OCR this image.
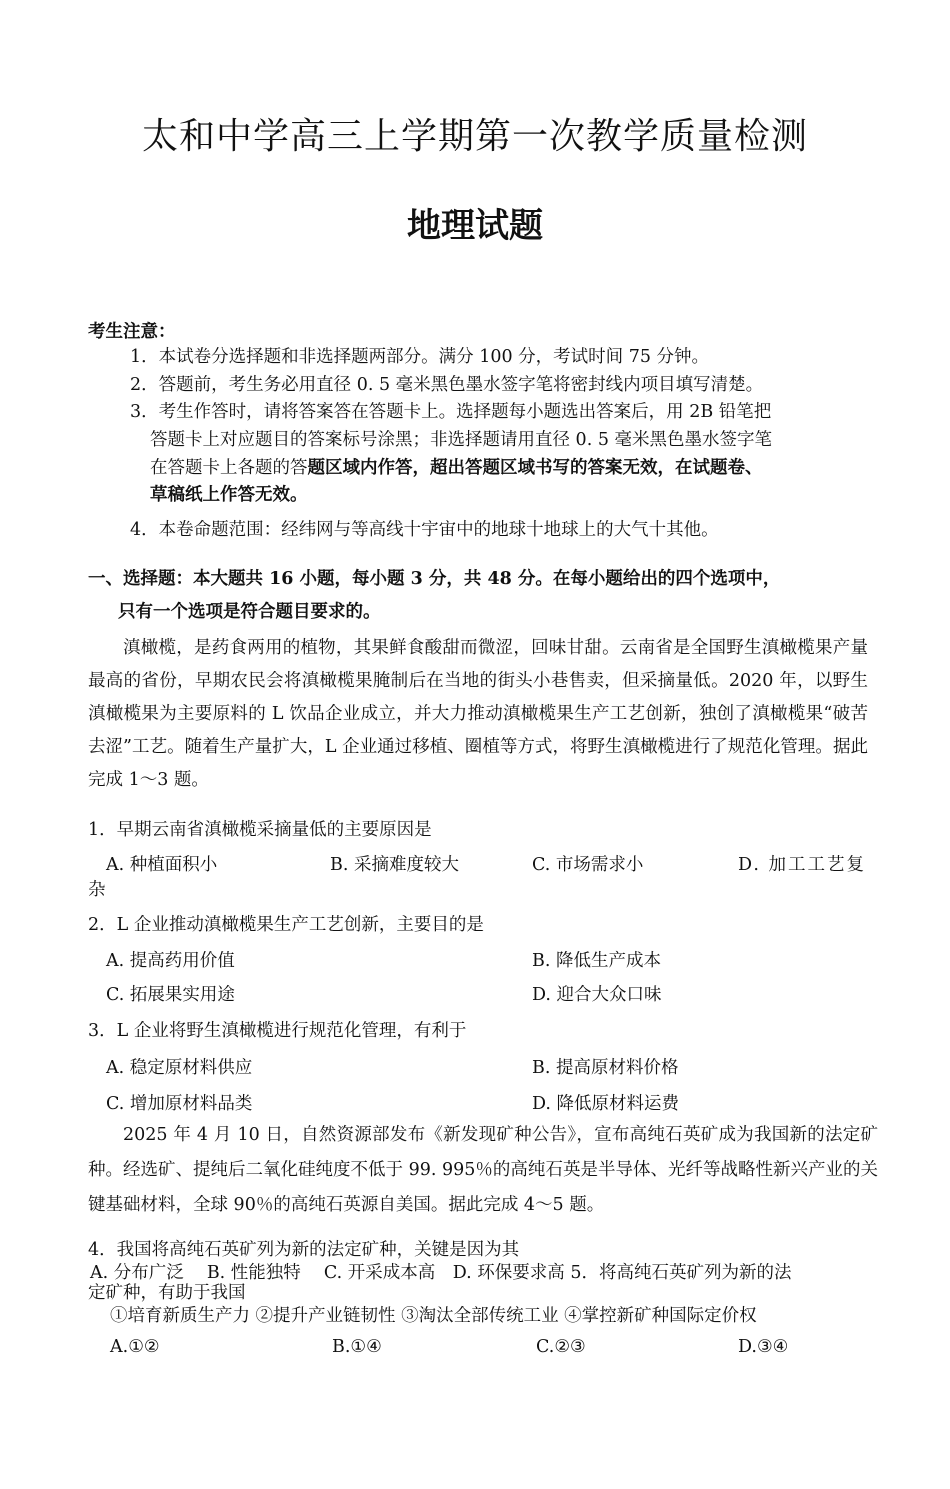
太和中学高三上学期第一次教学质量检测
地理试题
考生注意：
1．本试卷分选择题和非选择题两部分。满分 100 分，考试时间 75 分钟。
2．答题前，考生务必用直径 0. 5 毫米黑色墨水签字笔将密封线内项目填写清楚。
3．考生作答时，请将答案答在答题卡上。选择题每小题选出答案后，用 2B 铅笔把
答题卡上对应题目的答案标号涂黑；非选择题请用直径 0. 5 毫米黑色墨水签字笔
在答题卡上各题的答题区域内作答，超出答题区域书写的答案无效，在试题卷、
草稿纸上作答无效。
4．本卷命题范围：经纬网与等高线十宇宙中的地球十地球上的大气十其他。
一、选择题：本大题共 16 小题，每小题 3 分，共 48 分。在每小题给出的四个选项中，
只有一个选项是符合题目要求的。
滇橄榄，是药食两用的植物，其果鲜食酸甜而微涩，回味甘甜。云南省是全国野生滇橄榄果产量最高的省份，早期农民会将滇橄榄果腌制后在当地的街头小巷售卖，但采摘量低。2020 年，以野生滇橄榄果为主要原料的 L 饮品企业成立，并大力推动滇橄榄果生产工艺创新，独创了滇橄榄果“破苦去涩”工艺。随着生产量扩大，L 企业通过移植、圈植等方式，将野生滇橄榄进行了规范化管理。据此完成 1～3 题。
1．早期云南省滇橄榄采摘量低的主要原因是
A. 种植面积小	B. 采摘难度较大	C. 市场需求小	D. 加工工艺复
杂
2．L 企业推动滇橄榄果生产工艺创新，主要目的是
A. 提高药用价值	B. 降低生产成本
C. 拓展果实用途	D. 迎合大众口味
3．L 企业将野生滇橄榄进行规范化管理，有利于
A. 稳定原材料供应	B. 提高原材料价格
C. 增加原材料品类	D. 降低原材料运费
2025 年 4 月 10 日，自然资源部发布《新发现矿种公告》，宣布高纯石英矿成为我国新的法定矿种。经选矿、提纯后二氧化硅纯度不低于 99. 995％的高纯石英是半导体、光纤等战略性新兴产业的关键基础材料，全球 90％的高纯石英源自美国。据此完成 4～5 题。
4．我国将高纯石英矿列为新的法定矿种，关键是因为其
A. 分布广泛　 B. 性能独特　 C. 开采成本高　D. 环保要求高 5．将高纯石英矿列为新的法
定矿种，有助于我国
①培育新质生产力 ②提升产业链韧性 ③淘汰全部传统工业 ④掌控新矿种国际定价权
A.①②	B.①④	C.②③	D.③④
